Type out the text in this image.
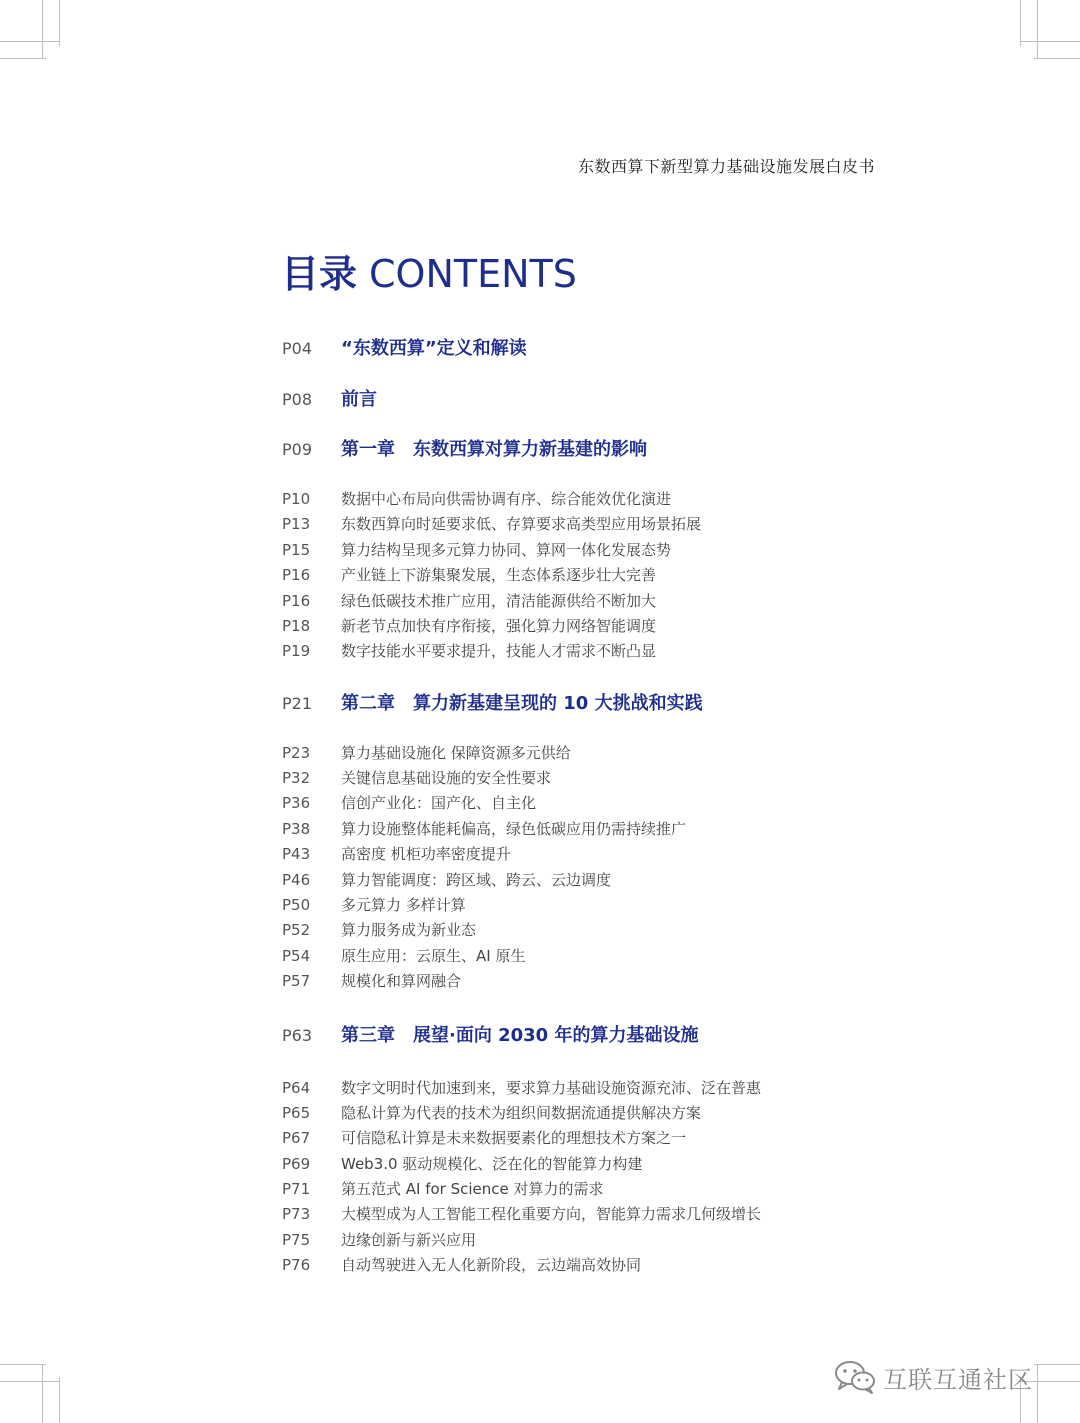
东数西算下新型算力基础设施发展白皮书
目录 CONTENTS
P04 “东数西算”定义和解读
P08 前言
P09 第一章　东数西算对算力新基建的影响
P10 数据中心布局向供需协调有序、综合能效优化演进
P13 东数西算向时延要求低、存算要求高类型应用场景拓展
P15 算力结构呈现多元算力协同、算网一体化发展态势
P16 产业链上下游集聚发展，生态体系逐步壮大完善
P16 绿色低碳技术推广应用，清洁能源供给不断加大
P18 新老节点加快有序衔接，强化算力网络智能调度
P19 数字技能水平要求提升，技能人才需求不断凸显
P21 第二章　算力新基建呈现的 10 大挑战和实践
P23 算力基础设施化 保障资源多元供给
P32 关键信息基础设施的安全性要求
P36 信创产业化：国产化、自主化
P38 算力设施整体能耗偏高，绿色低碳应用仍需持续推广
P43 高密度 机柜功率密度提升
P46 算力智能调度：跨区域、跨云、云边调度
P50 多元算力 多样计算
P52 算力服务成为新业态
P54 原生应用：云原生、AI 原生
P57 规模化和算网融合
P63 第三章　展望·面向 2030 年的算力基础设施
P64 数字文明时代加速到来，要求算力基础设施资源充沛、泛在普惠
P65 隐私计算为代表的技术为组织间数据流通提供解决方案
P67 可信隐私计算是未来数据要素化的理想技术方案之一
P69 Web3.0 驱动规模化、泛在化的智能算力构建
P71 第五范式 AI for Science 对算力的需求
P73 大模型成为人工智能工程化重要方向，智能算力需求几何级增长
P75 边缘创新与新兴应用
P76 自动驾驶进入无人化新阶段，云边端高效协同
互联互通社区
